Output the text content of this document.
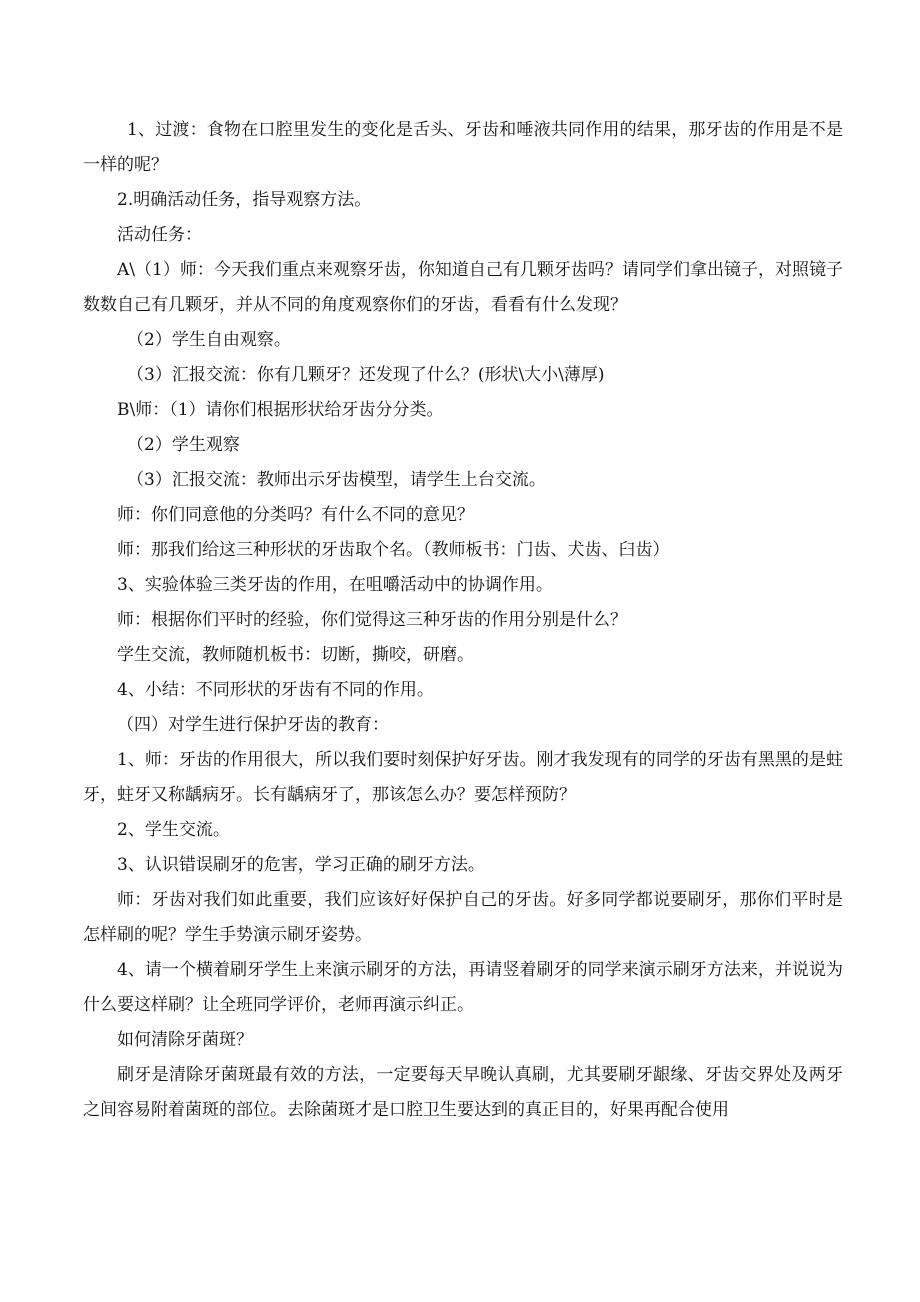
1、过渡：食物在口腔里发生的变化是舌头、牙齿和唾液共同作用的结果，那牙齿的作用是不是一样的呢？

2.明确活动任务，指导观察方法。

活动任务：

A\（1）师：今天我们重点来观察牙齿，你知道自己有几颗牙齿吗？请同学们拿出镜子，对照镜子数数自己有几颗牙，并从不同的角度观察你们的牙齿，看看有什么发现？

（2）学生自由观察。

（3）汇报交流：你有几颗牙？还发现了什么？(形状\大小\薄厚)

B\师：（1）请你们根据形状给牙齿分分类。

（2）学生观察

（3）汇报交流：教师出示牙齿模型，请学生上台交流。

师：你们同意他的分类吗？有什么不同的意见？

师：那我们给这三种形状的牙齿取个名。（教师板书：门齿、犬齿、臼齿）

3、实验体验三类牙齿的作用，在咀嚼活动中的协调作用。

师：根据你们平时的经验，你们觉得这三种牙齿的作用分别是什么？

学生交流，教师随机板书：切断，撕咬，研磨。

4、小结：不同形状的牙齿有不同的作用。

（四）对学生进行保护牙齿的教育：

1、师：牙齿的作用很大，所以我们要时刻保护好牙齿。刚才我发现有的同学的牙齿有黑黑的是蛀牙，蛀牙又称龋病牙。长有龋病牙了，那该怎么办？要怎样预防？

2、学生交流。

3、认识错误刷牙的危害，学习正确的刷牙方法。

师：牙齿对我们如此重要，我们应该好好保护自己的牙齿。好多同学都说要刷牙，那你们平时是怎样刷的呢？学生手势演示刷牙姿势。

4、请一个横着刷牙学生上来演示刷牙的方法，再请竖着刷牙的同学来演示刷牙方法来，并说说为什么要这样刷？让全班同学评价，老师再演示纠正。

如何清除牙菌斑？

刷牙是清除牙菌斑最有效的方法，一定要每天早晚认真刷，尤其要刷牙龈缘、牙齿交界处及两牙之间容易附着菌斑的部位。去除菌斑才是口腔卫生要达到的真正目的，好果再配合使用
